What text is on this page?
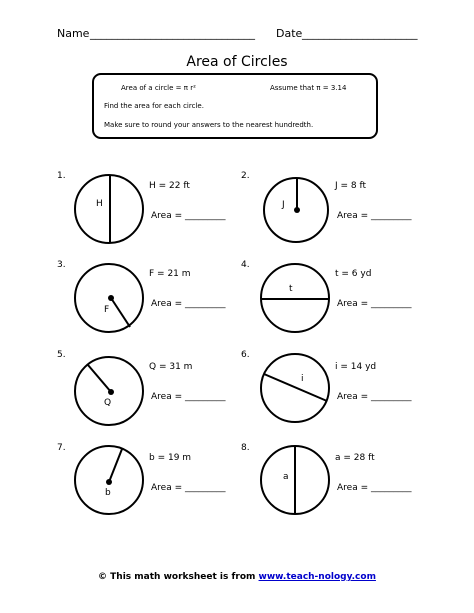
Name ______________________________ Date _____________________
Area of Circles
Area of a circle = π r²	Assume that π = 3.14
Find the area for each circle.
Make sure to round your answers to the nearest hundredth.
1.
H
H = 22 ft
Area = _________
2.
J
J = 8 ft
Area = _________
3.
F
F = 21 m
Area = _________
4.
t
t = 6 yd
Area = _________
5.
Q
Q = 31 m
Area = _________
6.
i
i = 14 yd
Area = _________
7.
b
b = 19 m
Area = _________
8.
a
a = 28 ft
Area = _________
© This math worksheet is from www.teach-nology.com
